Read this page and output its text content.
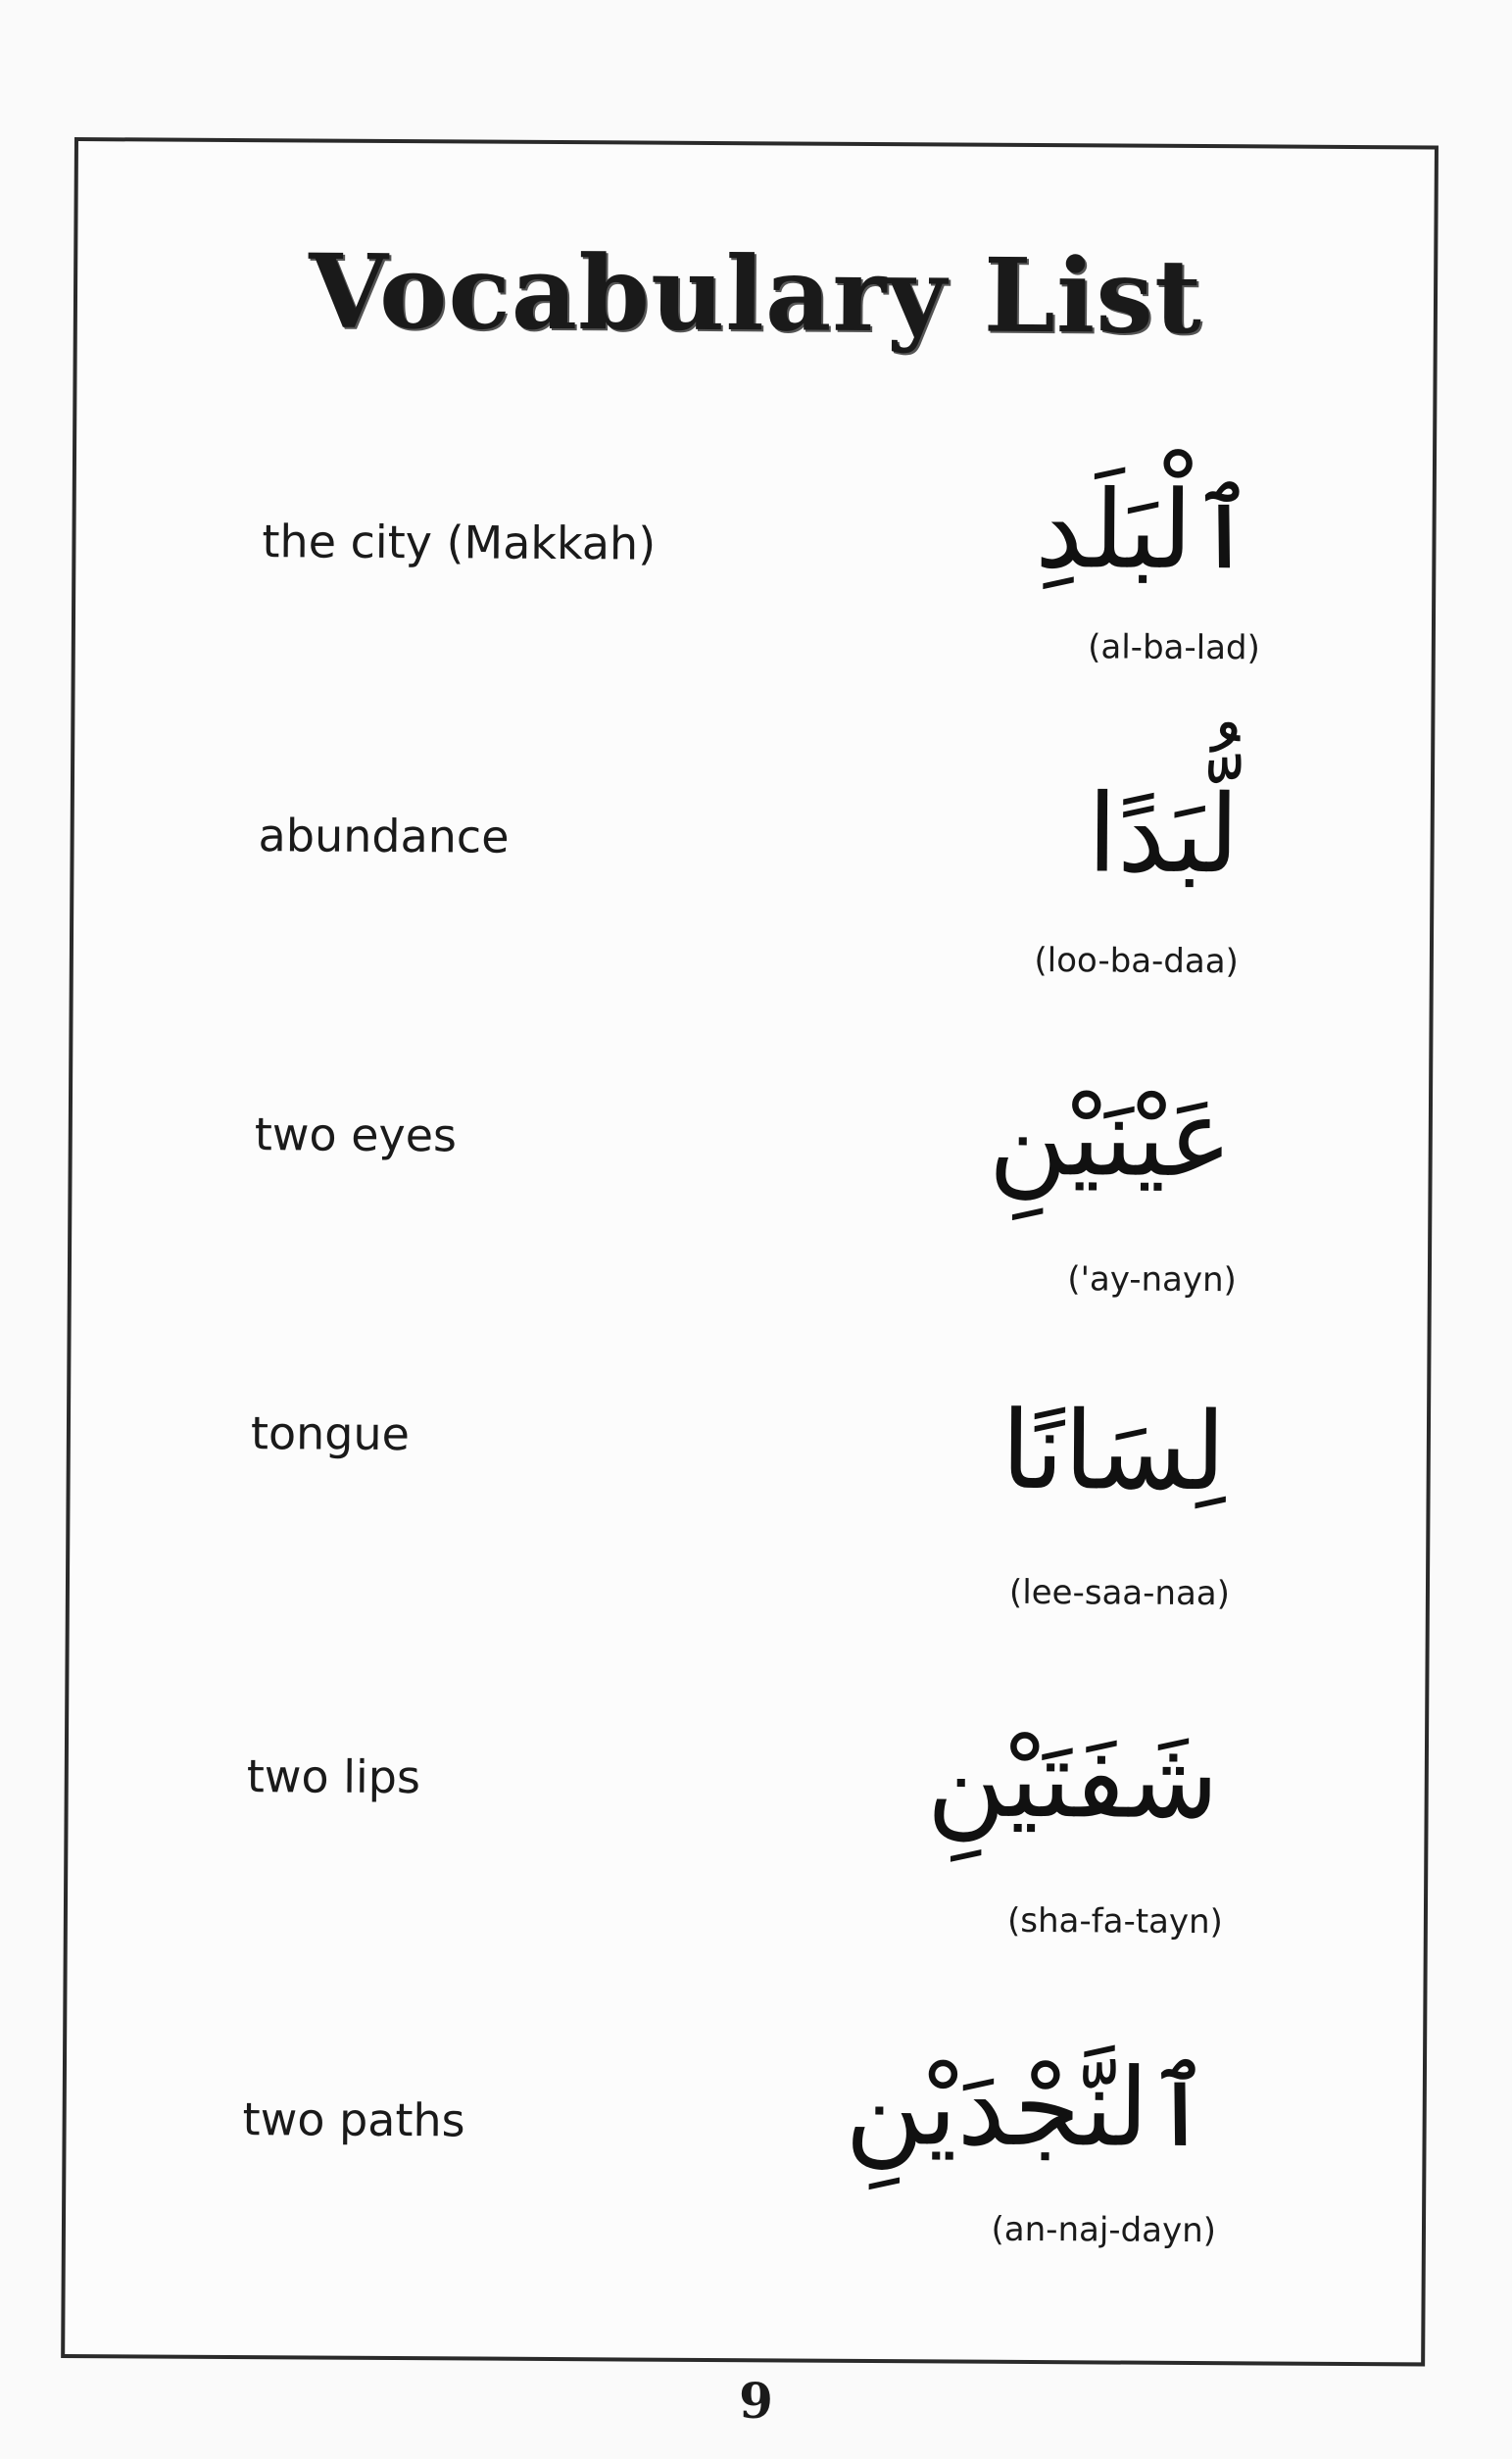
Vocabulary List
the city (Makkah)	ٱلْبَلَدِ
(al-ba-lad)
abundance	لُّبَدًا
(loo-ba-daa)
two eyes	عَيْنَيْنِ
('ay-nayn)
tongue	لِسَانًا
(lee-saa-naa)
two lips	شَفَتَيْنِ
(sha-fa-tayn)
two paths	ٱلنَّجْدَيْنِ
(an-naj-dayn)
9
